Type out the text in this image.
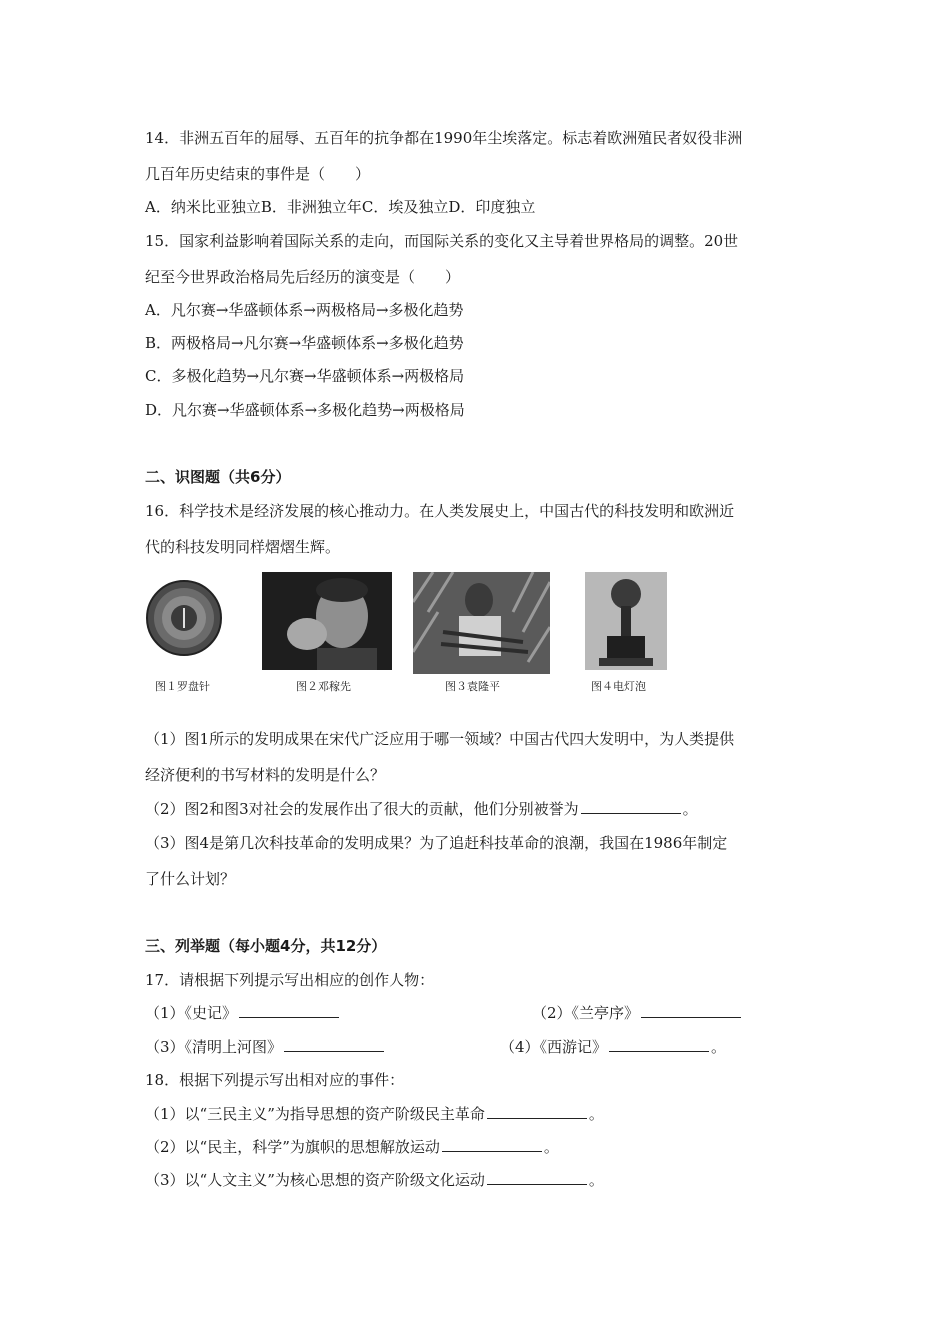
14．非洲五百年的屈辱、五百年的抗争都在1990年尘埃落定。标志着欧洲殖民者奴役非洲
几百年历史结束的事件是（　　）
A．纳米比亚独立B．非洲独立年C．埃及独立D．印度独立
15．国家利益影响着国际关系的走向，而国际关系的变化又主导着世界格局的调整。20世
纪至今世界政治格局先后经历的演变是（　　）
A．凡尔赛→华盛顿体系→两极格局→多极化趋势
B．两极格局→凡尔赛→华盛顿体系→多极化趋势
C．多极化趋势→凡尔赛→华盛顿体系→两极格局
D．凡尔赛→华盛顿体系→多极化趋势→两极格局
二、识图题（共6分）
16．科学技术是经济发展的核心推动力。在人类发展史上，中国古代的科技发明和欧洲近
代的科技发明同样熠熠生辉。
图１罗盘针	图２邓稼先	图３袁隆平	图４电灯泡
（1）图1所示的发明成果在宋代广泛应用于哪一领域？中国古代四大发明中，为人类提供
经济便利的书写材料的发明是什么？
（2）图2和图3对社会的发展作出了很大的贡献，他们分别被誉为	。
（3）图4是第几次科技革命的发明成果？为了追赶科技革命的浪潮，我国在1986年制定
了什么计划？
三、列举题（每小题4分，共12分）
17．请根据下列提示写出相应的创作人物：
（1）《史记》	（2）《兰亭序》
（3）《清明上河图》	（4）《西游记》	。
18．根据下列提示写出相对应的事件：
（1）以“三民主义”为指导思想的资产阶级民主革命	。
（2）以“民主，科学”为旗帜的思想解放运动	。
（3）以“人文主义”为核心思想的资产阶级文化运动	。
